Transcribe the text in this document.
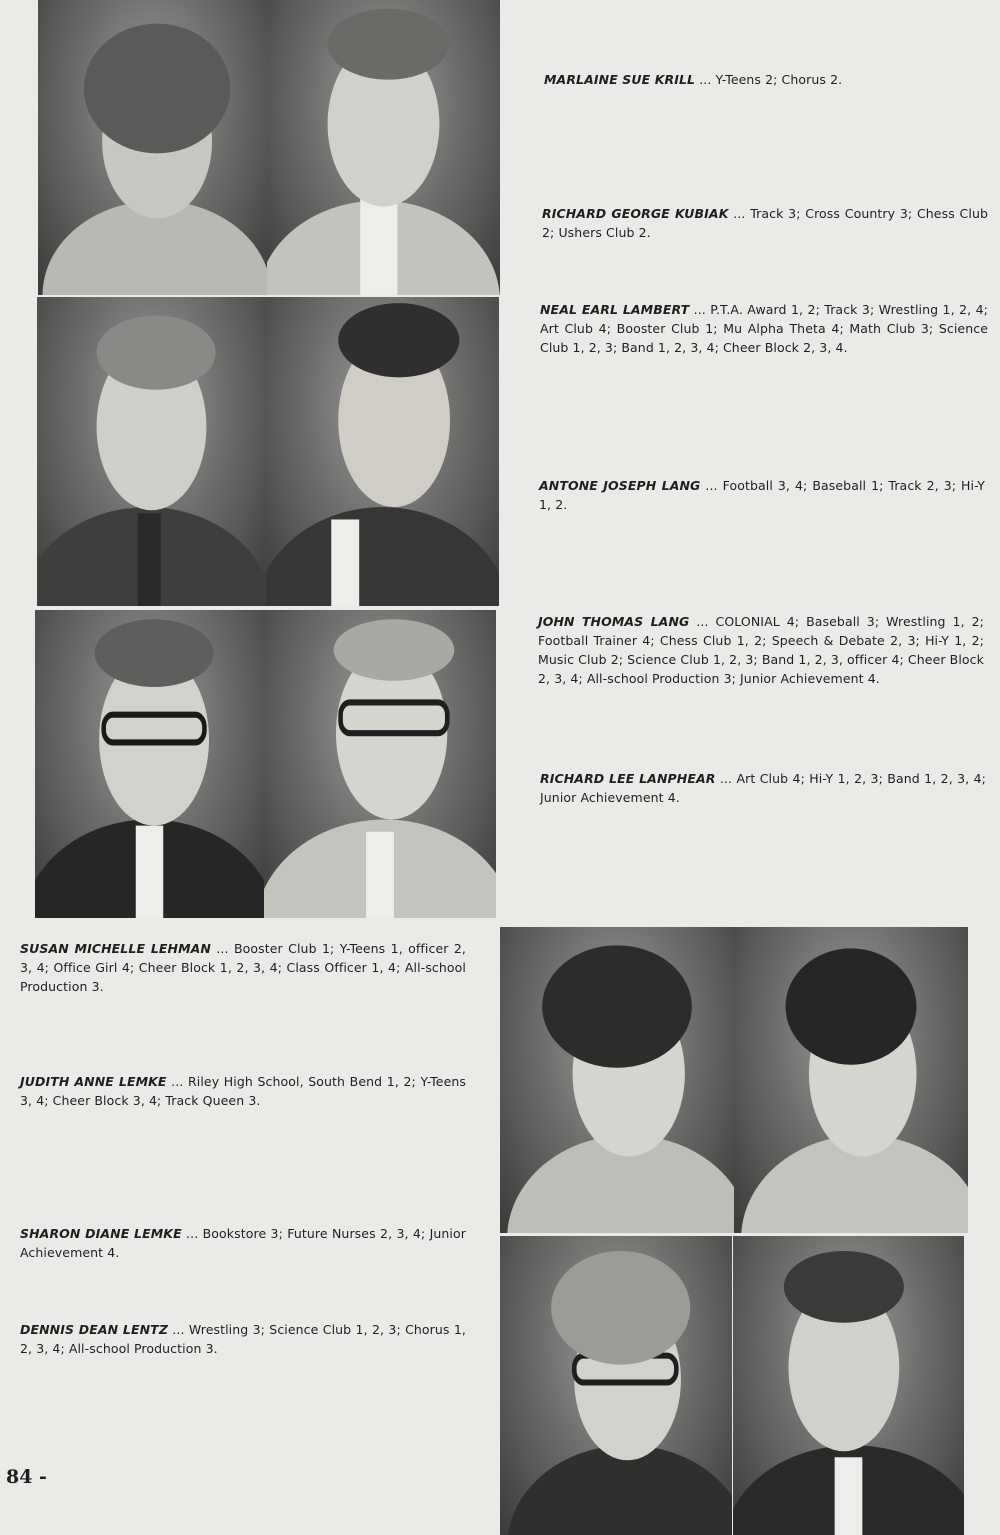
MARLAINE SUE KRILL ... Y-Teens 2; Chorus 2.
RICHARD GEORGE KUBIAK ... Track 3; Cross Country 3; Chess Club 2; Ushers Club 2.
NEAL EARL LAMBERT ... P.T.A. Award 1, 2; Track 3; Wrestling 1, 2, 4; Art Club 4; Booster Club 1; Mu Alpha Theta 4; Math Club 3; Science Club 1, 2, 3; Band 1, 2, 3, 4; Cheer Block 2, 3, 4.
ANTONE JOSEPH LANG ... Football 3, 4; Baseball 1; Track 2, 3; Hi-Y 1, 2.
JOHN THOMAS LANG ... COLONIAL 4; Baseball 3; Wrestling 1, 2; Football Trainer 4; Chess Club 1, 2; Speech & Debate 2, 3; Hi-Y 1, 2; Music Club 2; Science Club 1, 2, 3; Band 1, 2, 3, officer 4; Cheer Block 2, 3, 4; All-school Production 3; Junior Achievement 4.
RICHARD LEE LANPHEAR ... Art Club 4; Hi-Y 1, 2, 3; Band 1, 2, 3, 4; Junior Achievement 4.
SUSAN MICHELLE LEHMAN ... Booster Club 1; Y-Teens 1, officer 2, 3, 4; Office Girl 4; Cheer Block 1, 2, 3, 4; Class Officer 1, 4; All-school Production 3.
JUDITH ANNE LEMKE ... Riley High School, South Bend 1, 2; Y-Teens 3, 4; Cheer Block 3, 4; Track Queen 3.
SHARON DIANE LEMKE ... Bookstore 3; Future Nurses 2, 3, 4; Junior Achievement 4.
DENNIS DEAN LENTZ ... Wrestling 3; Science Club 1, 2, 3; Chorus 1, 2, 3, 4; All-school Production 3.
84 -
